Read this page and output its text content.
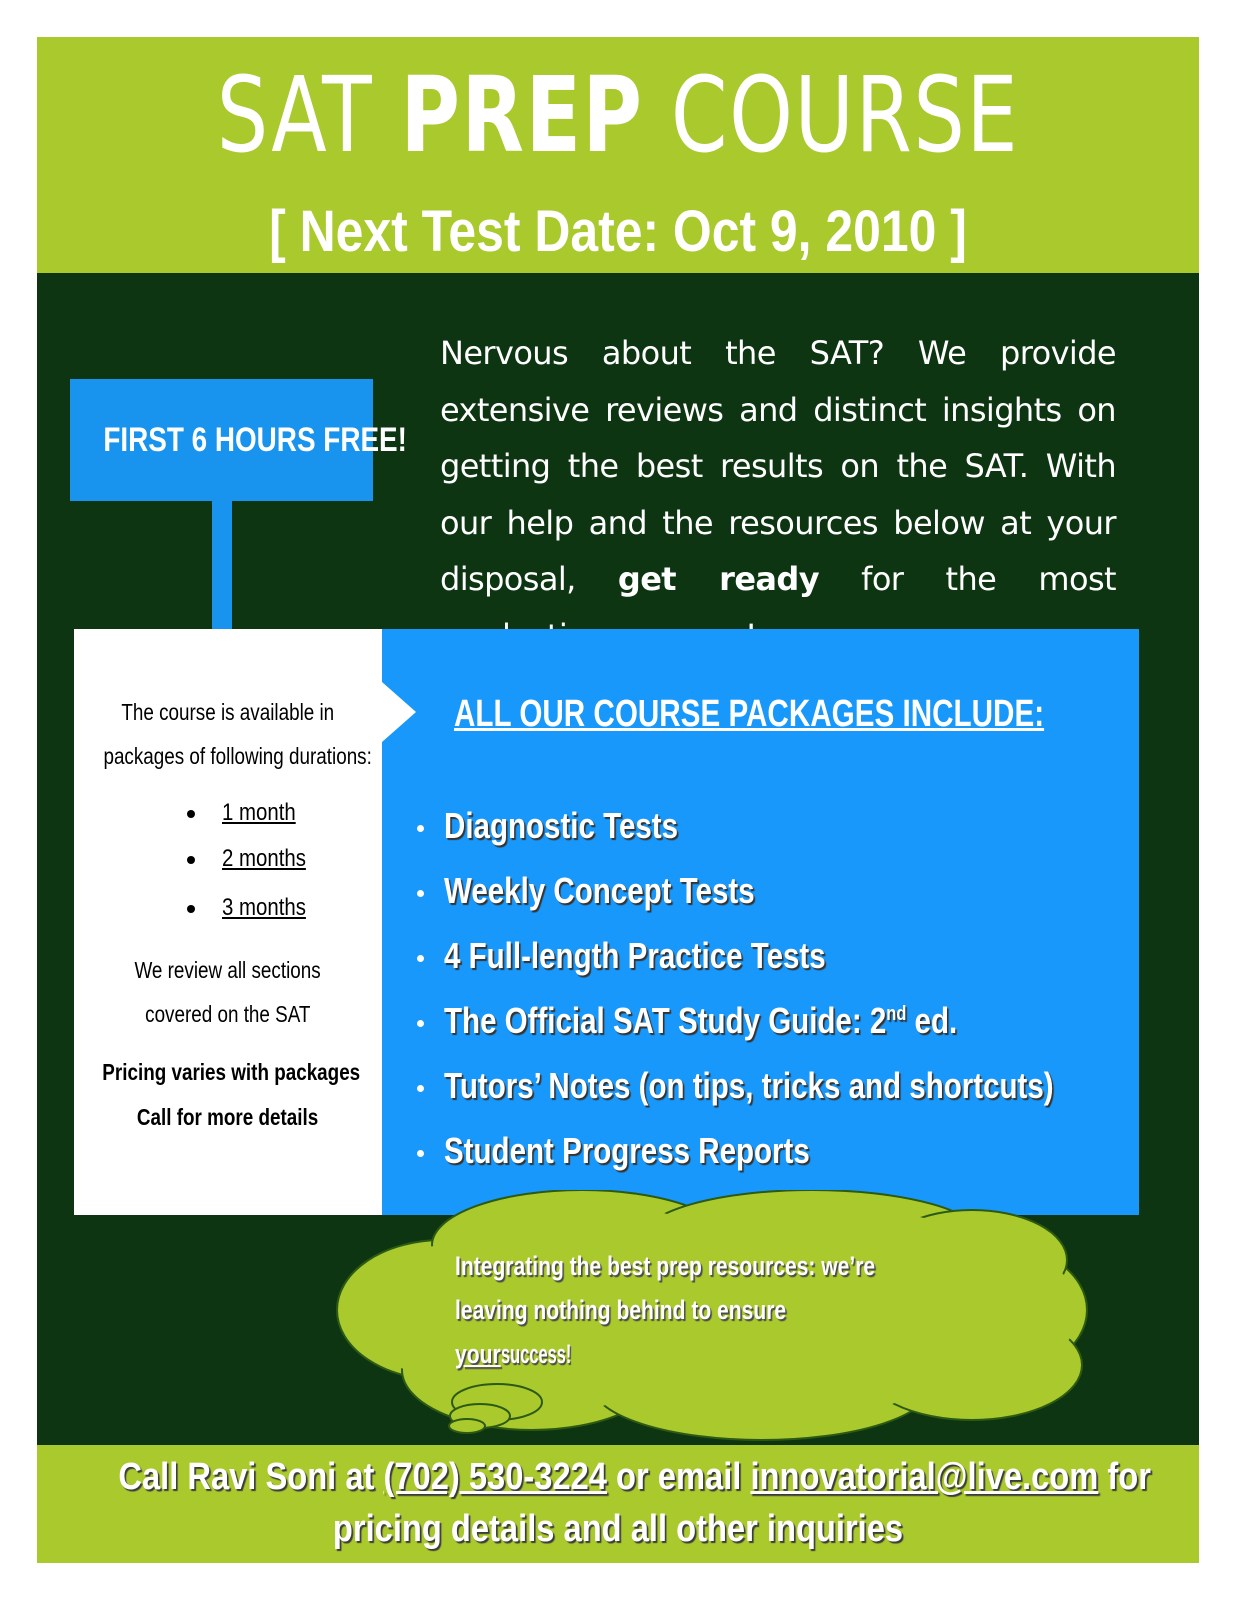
SAT PREP COURSE
[ Next Test Date: Oct 9, 2010 ]
FIRST 6 HOURS FREE!
Nervous about the SAT? We provide extensive reviews and distinct insights on getting the best results on the SAT. With our help and the resources below at your disposal, get ready for the most
The course is available in
packages of following durations:
1 month
2 months
3 months
We review all sections
covered on the SAT
Pricing varies with packages
Call for more details
ALL OUR COURSE PACKAGES INCLUDE:
Diagnostic Tests
Weekly Concept Tests
4 Full-length Practice Tests
The Official SAT Study Guide: 2nd ed.
Tutors’ Notes (on tips, tricks and shortcuts)
Student Progress Reports
Integrating the best prep resources: we’re
leaving nothing behind to ensure
yoursuccess!
Call Ravi Soni at (702) 530-3224 or email innovatorial@live.com for
pricing details and all other inquiries
